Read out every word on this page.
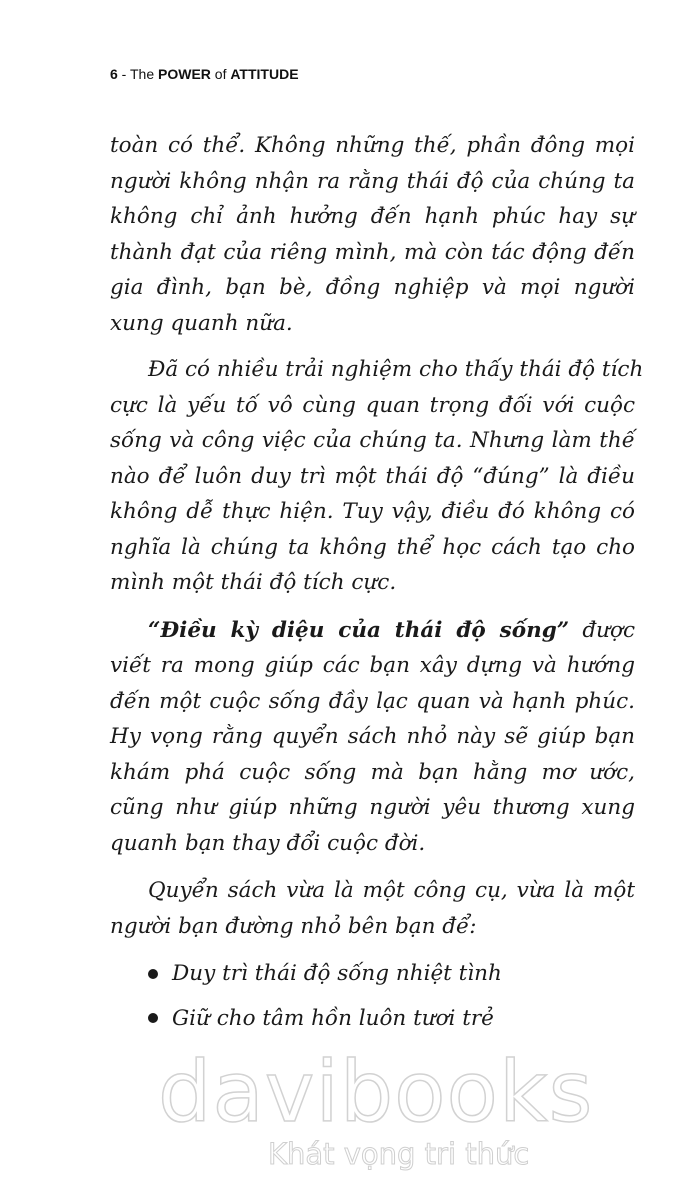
6 - The POWER of ATTITUDE
toàn có thể. Không những thế, phần đông mọi
người không nhận ra rằng thái độ của chúng ta
không chỉ ảnh hưởng đến hạnh phúc hay sự
thành đạt của riêng mình, mà còn tác động đến
gia đình, bạn bè, đồng nghiệp và mọi người
xung quanh nữa.
Đã có nhiều trải nghiệm cho thấy thái độ tích
cực là yếu tố vô cùng quan trọng đối với cuộc
sống và công việc của chúng ta. Nhưng làm thế
nào để luôn duy trì một thái độ “đúng” là điều
không dễ thực hiện. Tuy vậy, điều đó không có
nghĩa là chúng ta không thể học cách tạo cho
mình một thái độ tích cực.
“Điều kỳ diệu của thái độ sống” được
viết ra mong giúp các bạn xây dựng và hướng
đến một cuộc sống đầy lạc quan và hạnh phúc.
Hy vọng rằng quyển sách nhỏ này sẽ giúp bạn
khám phá cuộc sống mà bạn hằng mơ ước,
cũng như giúp những người yêu thương xung
quanh bạn thay đổi cuộc đời.
Quyển sách vừa là một công cụ, vừa là một
người bạn đường nhỏ bên bạn để:
Duy trì thái độ sống nhiệt tình
Giữ cho tâm hồn luôn tươi trẻ
davibooks
Khát vọng tri thức
